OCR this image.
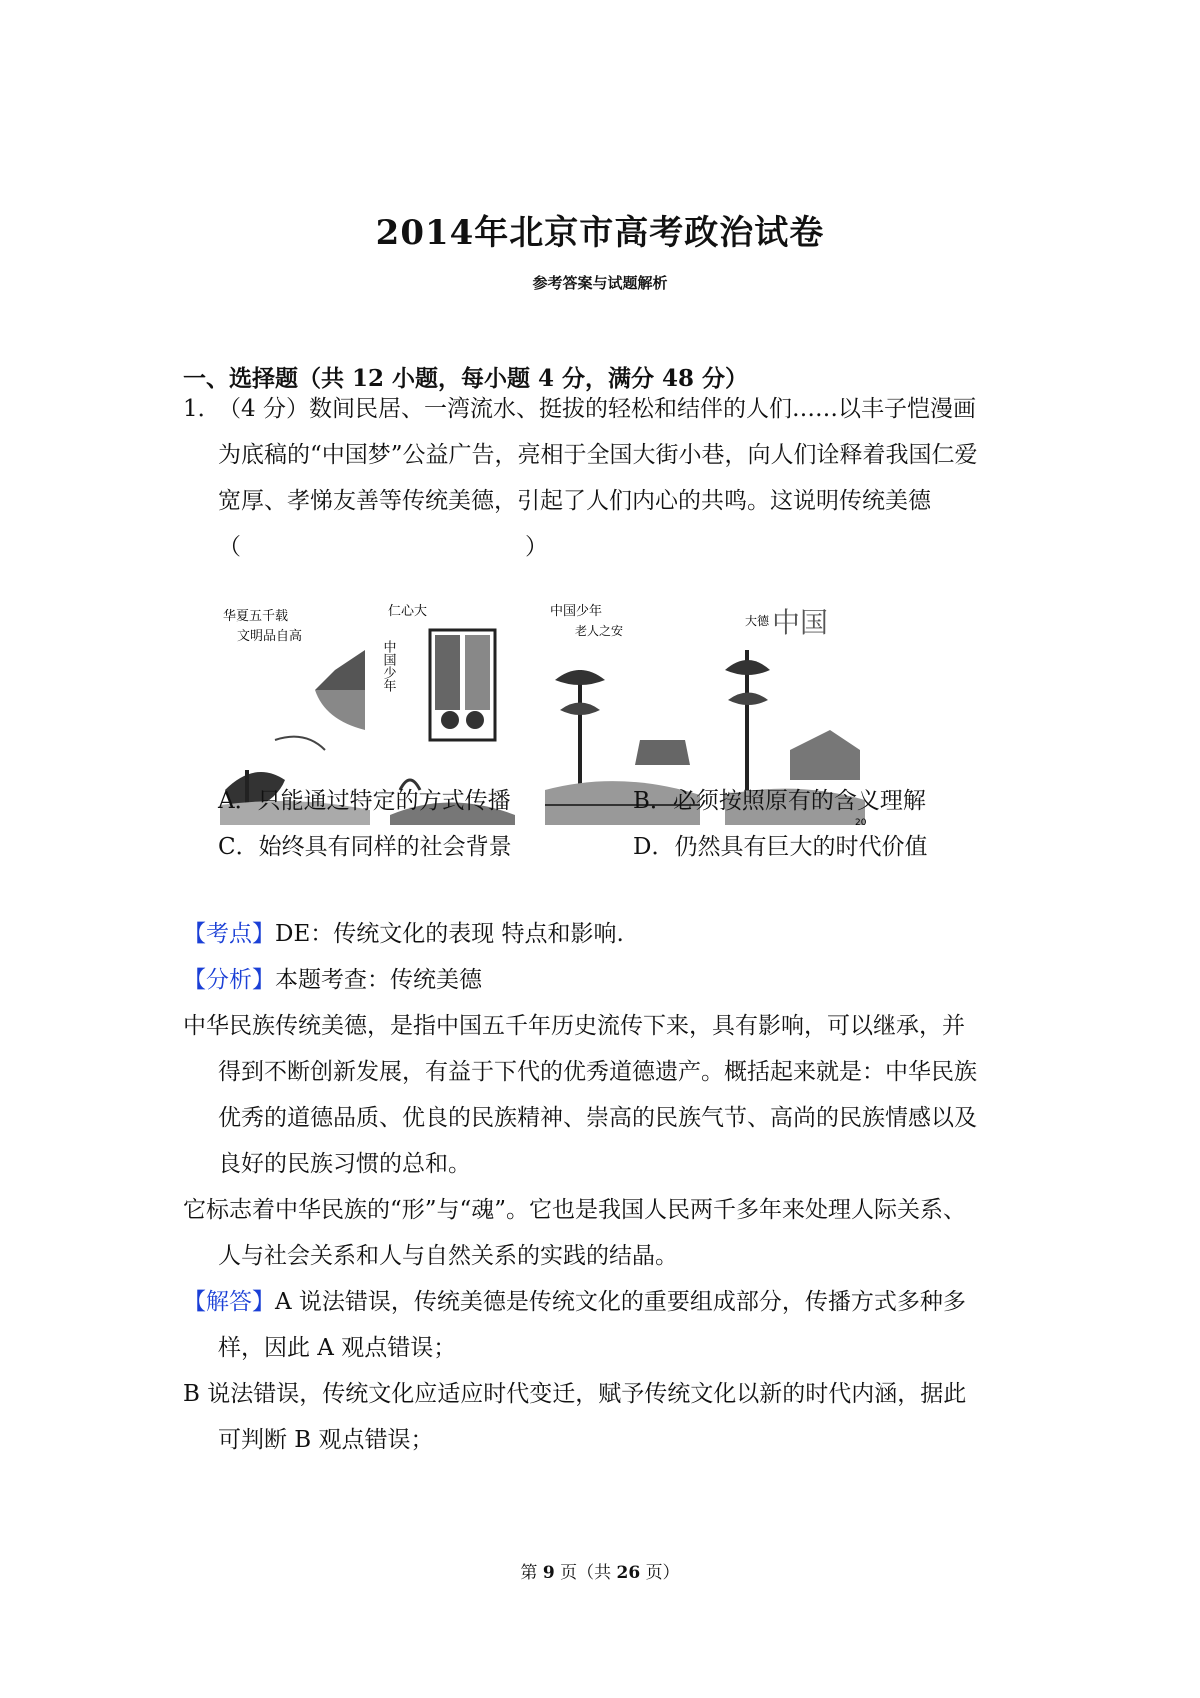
2014年北京市高考政治试卷
参考答案与试题解析
一、选择题（共 12 小题，每小题 4 分，满分 48 分）
1．
（4 分）数间民居、一湾流水、挺拔的轻松和结伴的人们……以丰子恺漫画
为底稿的“中国梦”公益广告，亮相于全国大街小巷，向人们诠释着我国仁爱
宽厚、孝悌友善等传统美德，引起了人们内心的共鸣。这说明传统美德
（	）
华夏五千载
文明品自高
仁心大
中国少年
中国少年
老人之安
大德 中国
20
A．只能通过特定的方式传播	B．必须按照原有的含义理解
C．始终具有同样的社会背景	D．仍然具有巨大的时代价值
【考点】DE：传统文化的表现 特点和影响.
【分析】本题考查：传统美德
中华民族传统美德，是指中国五千年历史流传下来，具有影响，可以继承，并
得到不断创新发展，有益于下代的优秀道德遗产。概括起来就是：中华民族
优秀的道德品质、优良的民族精神、崇高的民族气节、高尚的民族情感以及
良好的民族习惯的总和。
它标志着中华民族的“形”与“魂”。它也是我国人民两千多年来处理人际关系、
人与社会关系和人与自然关系的实践的结晶。
【解答】A 说法错误，传统美德是传统文化的重要组成部分，传播方式多种多
样，因此 A 观点错误；
B 说法错误，传统文化应适应时代变迁，赋予传统文化以新的时代内涵，据此
可判断 B 观点错误；
第 9 页（共 26 页）
